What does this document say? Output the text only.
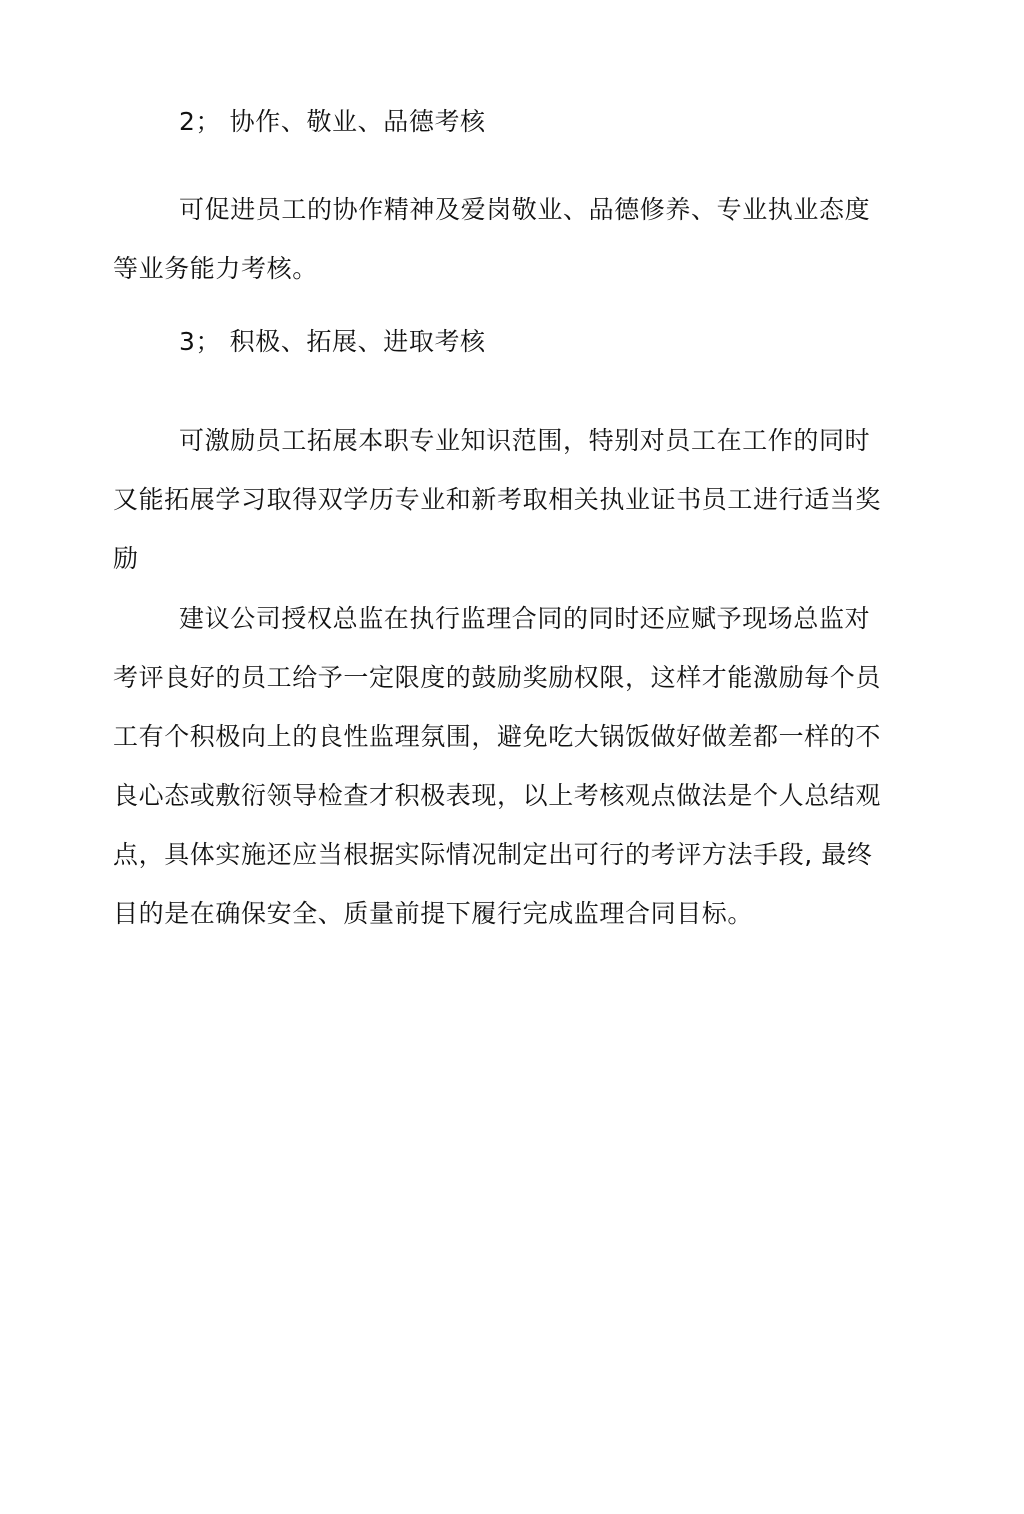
2； 协作、敬业、品德考核

可促进员工的协作精神及爱岗敬业、品德修养、专业执业态度等业务能力考核。

3； 积极、拓展、进取考核

可激励员工拓展本职专业知识范围，特别对员工在工作的同时又能拓展学习取得双学历专业和新考取相关执业证书员工进行适当奖励

建议公司授权总监在执行监理合同的同时还应赋予现场总监对考评良好的员工给予一定限度的鼓励奖励权限，这样才能激励每个员工有个积极向上的良性监理氛围，避免吃大锅饭做好做差都一样的不良心态或敷衍领导检查才积极表现，以上考核观点做法是个人总结观点，具体实施还应当根据实际情况制定出可行的考评方法手段, 最终目的是在确保安全、质量前提下履行完成监理合同目标。
